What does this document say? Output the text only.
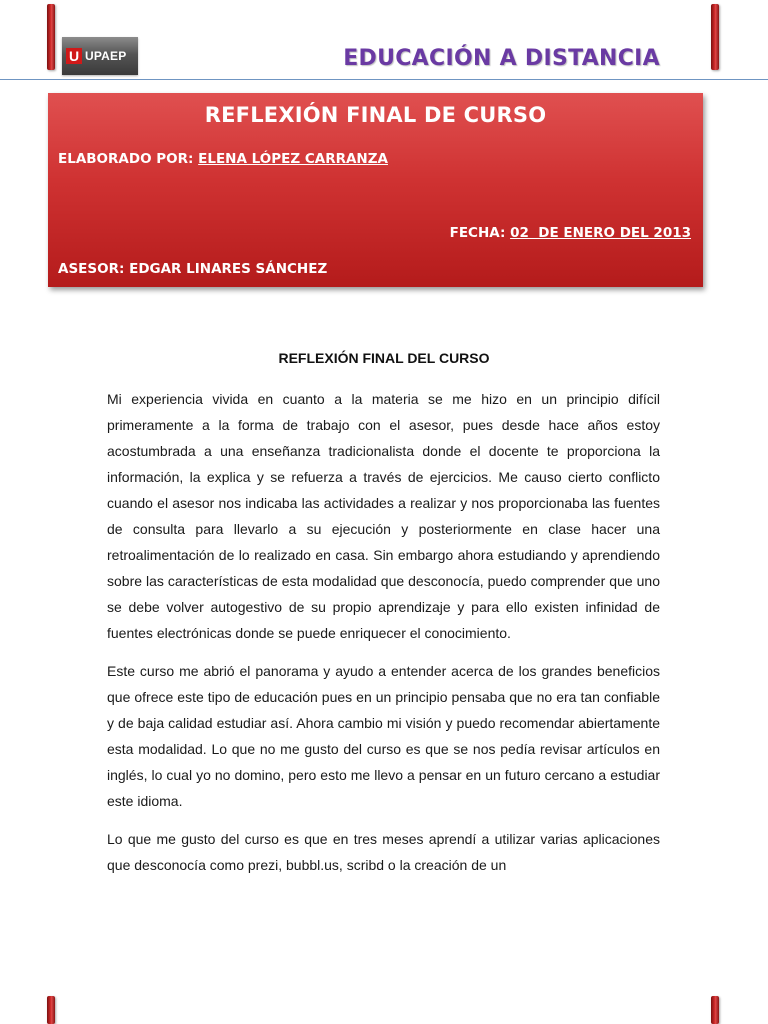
U UPAEP	EDUCACIÓN A DISTANCIA
REFLEXIÓN FINAL DE CURSO
ELABORADO POR: ELENA LÓPEZ CARRANZA
FECHA: 02  DE ENERO DEL 2013
ASESOR: EDGAR LINARES SÁNCHEZ
REFLEXIÓN FINAL DEL CURSO

Mi experiencia vivida en cuanto a la materia se me hizo en un principio difícil primeramente a la forma de trabajo con el asesor, pues desde hace años estoy acostumbrada a una enseñanza tradicionalista donde el docente te proporciona la información, la explica y se refuerza a través de ejercicios. Me causo cierto conflicto cuando el asesor nos indicaba las actividades a realizar y nos proporcionaba las fuentes de consulta para llevarlo a su ejecución y posteriormente en clase hacer una retroalimentación de lo realizado en casa. Sin embargo ahora estudiando y aprendiendo sobre las características de esta modalidad que desconocía, puedo comprender que uno se debe volver autogestivo de su propio aprendizaje y para ello existen infinidad de fuentes electrónicas donde se puede enriquecer el conocimiento.

Este curso me abrió el panorama y ayudo a entender acerca de los grandes beneficios que ofrece este tipo de educación pues en un principio pensaba que no era tan confiable y de baja calidad estudiar así. Ahora cambio mi visión y puedo recomendar abiertamente esta modalidad. Lo que no me gusto del curso es que se nos pedía revisar artículos en inglés, lo cual yo no domino, pero esto me llevo a pensar en un futuro cercano a estudiar este idioma.

Lo que me gusto del curso es que en tres meses aprendí a utilizar varias aplicaciones que desconocía como prezi, bubbl.us, scribd o la creación de un
